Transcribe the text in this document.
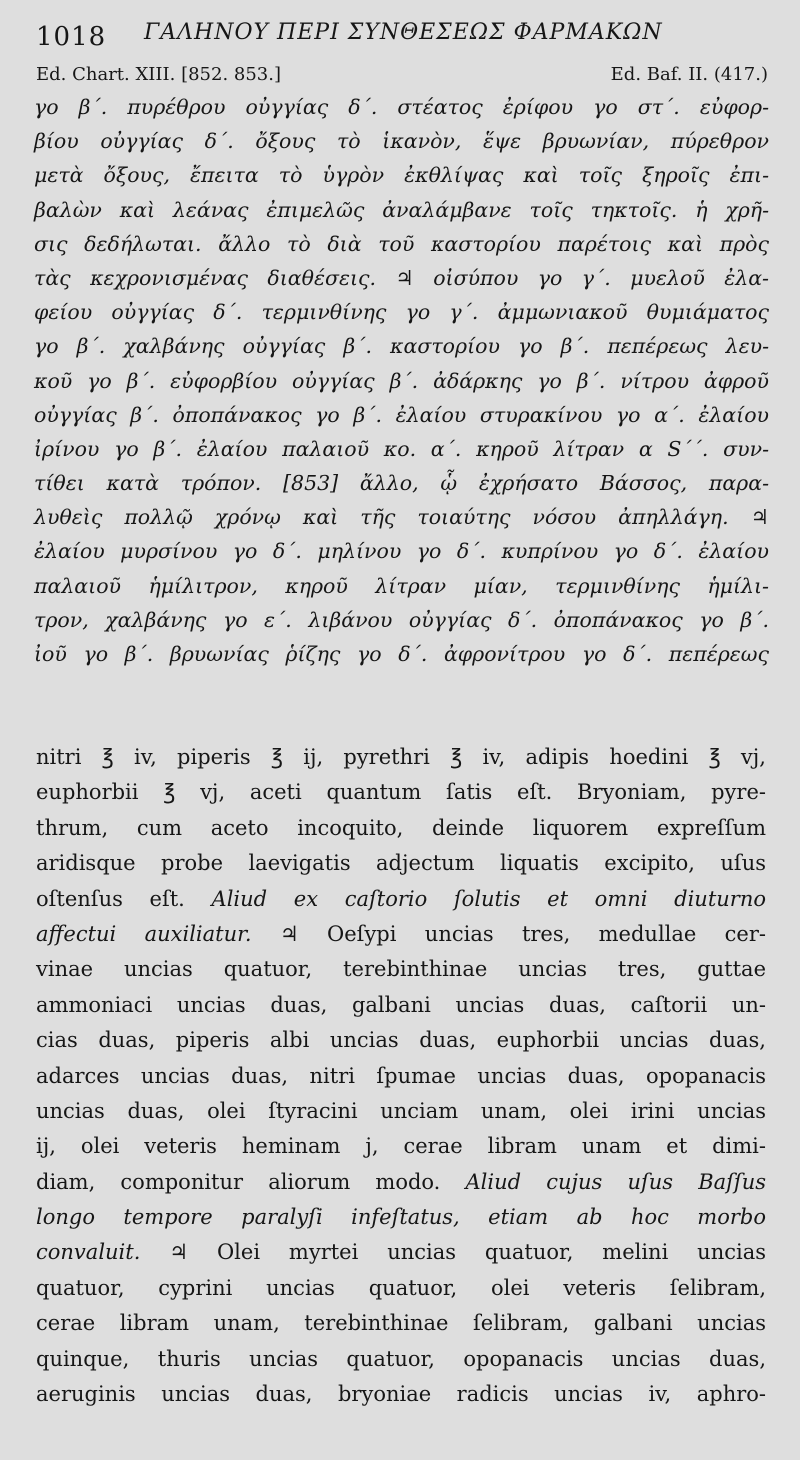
1018 ΓΑΛΗΝΟΥ ΠΕΡΙ ΣΥΝΘΕΣΕΩΣ ΦΑΡΜΑΚΩΝ
Ed. Chart. XIII. [852. 853.]	Ed. Baf. II. (417.)
γο β΄. πυρέθρου οὐγγίας δ΄. στέατος ἐρίφου γο στ΄. εὐφορ-
βίου οὐγγίας δ΄. ὄξους τὸ ἱκανὸν, ἕψε βρυωνίαν, πύρεθρον
μετὰ ὄξους, ἔπειτα τὸ ὑγρὸν ἐκθλίψας καὶ τοῖς ξηροῖς ἐπι-
βαλὼν καὶ λεάνας ἐπιμελῶς ἀναλάμβανε τοῖς τηκτοῖς. ἡ χρῆ-
σις δεδήλωται. ἄλλο τὸ διὰ τοῦ καστορίου παρέτοις καὶ πρὸς
τὰς κεχρονισμένας διαθέσεις. ♃ οἰσύπου γο γ΄. μυελοῦ ἐλα-
φείου οὐγγίας δ΄. τερμινθίνης γο γ΄. ἀμμωνιακοῦ θυμιάματος
γο β΄. χαλβάνης οὐγγίας β΄. καστορίου γο β΄. πεπέρεως λευ-
κοῦ γο β΄. εὐφορβίου οὐγγίας β΄. ἀδάρκης γο β΄. νίτρου ἀφροῦ
οὐγγίας β΄. ὀποπάνακος γο β΄. ἐλαίου στυρακίνου γο α΄. ἐλαίου
ἰρίνου γο β΄. ἐλαίου παλαιοῦ κο. α΄. κηροῦ λίτραν α S΄΄. συν-
τίθει κατὰ τρόπον. [853] ἄλλο, ᾧ ἐχρήσατο Βάσσος, παρα-
λυθεὶς πολλῷ χρόνῳ καὶ τῆς τοιαύτης νόσου ἀπηλλάγη. ♃
ἐλαίου μυρσίνου γο δ΄. μηλίνου γο δ΄. κυπρίνου γο δ΄. ἐλαίου
παλαιοῦ ἡμίλιτρον, κηροῦ λίτραν μίαν, τερμινθίνης ἡμίλι-
τρον, χαλβάνης γο ε΄. λιβάνου οὐγγίας δ΄. ὀποπάνακος γο β΄.
ἰοῦ γο β΄. βρυωνίας ῥίζης γο δ΄. ἀφρονίτρου γο δ΄. πεπέρεως
nitri ℥ iv, piperis ℥ ij, pyrethri ℥ iv, adipis hoedini ℥ vj,
euphorbii ℥ vj, aceti quantum ſatis eſt. Bryoniam, pyre-
thrum, cum aceto incoquito, deinde liquorem expreſſum
aridisque probe laevigatis adjectum liquatis excipito, uſus
oſtenſus eſt. Aliud ex caſtorio ſolutis et omni diuturno
affectui auxiliatur. ♃ Oeſypi uncias tres, medullae cer-
vinae uncias quatuor, terebinthinae uncias tres, guttae
ammoniaci uncias duas, galbani uncias duas, caſtorii un-
cias duas, piperis albi uncias duas, euphorbii uncias duas,
adarces uncias duas, nitri ſpumae uncias duas, opopanacis
uncias duas, olei ſtyracini unciam unam, olei irini uncias
ij, olei veteris heminam j, cerae libram unam et dimi-
diam, componitur aliorum modo. Aliud cujus uſus Baſſus
longo tempore paralyſi infeſtatus, etiam ab hoc morbo
convaluit. ♃ Olei myrtei uncias quatuor, melini uncias
quatuor, cyprini uncias quatuor, olei veteris ſelibram,
cerae libram unam, terebinthinae ſelibram, galbani uncias
quinque, thuris uncias quatuor, opopanacis uncias duas,
aeruginis uncias duas, bryoniae radicis uncias iv, aphro-
